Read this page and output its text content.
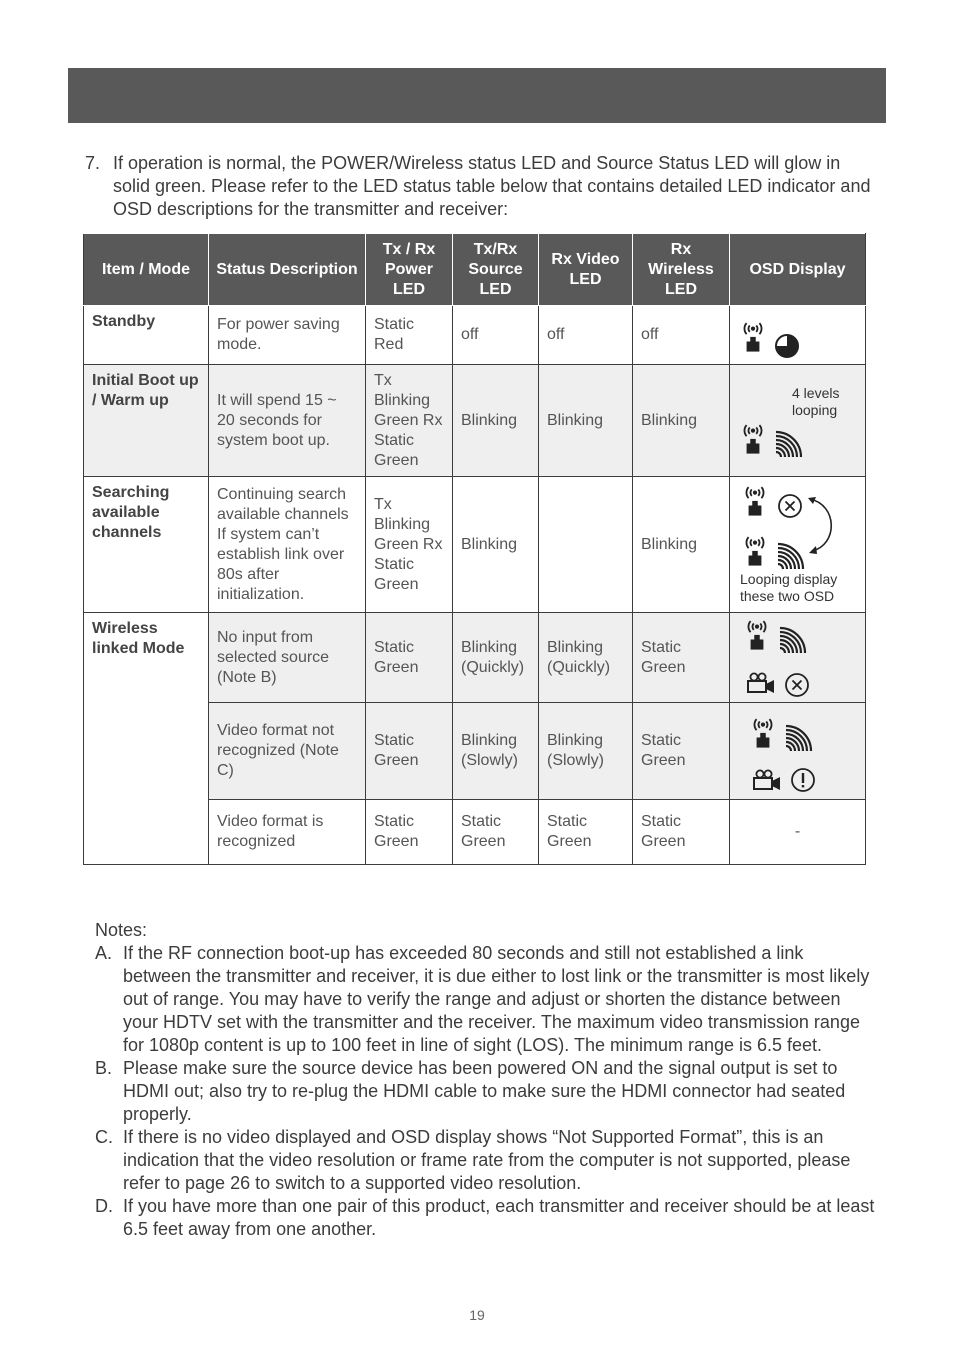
7. If operation is normal, the POWER/Wireless status LED and Source Status LED will glow in solid green. Please refer to the LED status table below that contains detailed LED indicator and OSD descriptions for the transmitter and receiver:
Item / Mode	Status Description	Tx / Rx Power LED	Tx/Rx Source LED	Rx Video LED	Rx Wireless LED	OSD Display
Standby	For power saving mode.	Static Red	off	off	off	

Initial Boot up / Warm up	It will spend 15 ~ 20 seconds for system boot up.	Tx Blinking Green Rx Static Green	Blinking	Blinking	Blinking	4 levels looping

Searching available channels	Continuing search available channels If system can’t establish link over 80s after initialization.	Tx Blinking Green Rx Static Green	Blinking		Blinking	Looping display these two OSD

Wireless linked Mode	No input from selected source (Note B)	Static Green	Blinking (Quickly)	Blinking (Quickly)	Static Green	

	Video format not recognized (Note C)	Static Green	Blinking (Slowly)	Blinking (Slowly)	Static Green	

	Video format is recognized	Static Green	Static Green	Static Green	Static Green	-
Notes:
A. If the RF connection boot-up has exceeded 80 seconds and still not established a link between the transmitter and receiver, it is due either to lost link or the transmitter is most likely out of range. You may have to verify the range and adjust or shorten the distance between your HDTV set with the transmitter and the receiver. The maximum video transmission range for 1080p content is up to 100 feet in line of sight (LOS). The minimum range is 6.5 feet.
B. Please make sure the source device has been powered ON and the signal output is set to HDMI out; also try to re-plug the HDMI cable to make sure the HDMI connector had seated properly.
C. If there is no video displayed and OSD display shows “Not Supported Format”, this is an indication that the video resolution or frame rate from the computer is not supported, please refer to page 26 to switch to a supported video resolution.
D. If you have more than one pair of this product, each transmitter and receiver should be at least 6.5 feet away from one another.
19
